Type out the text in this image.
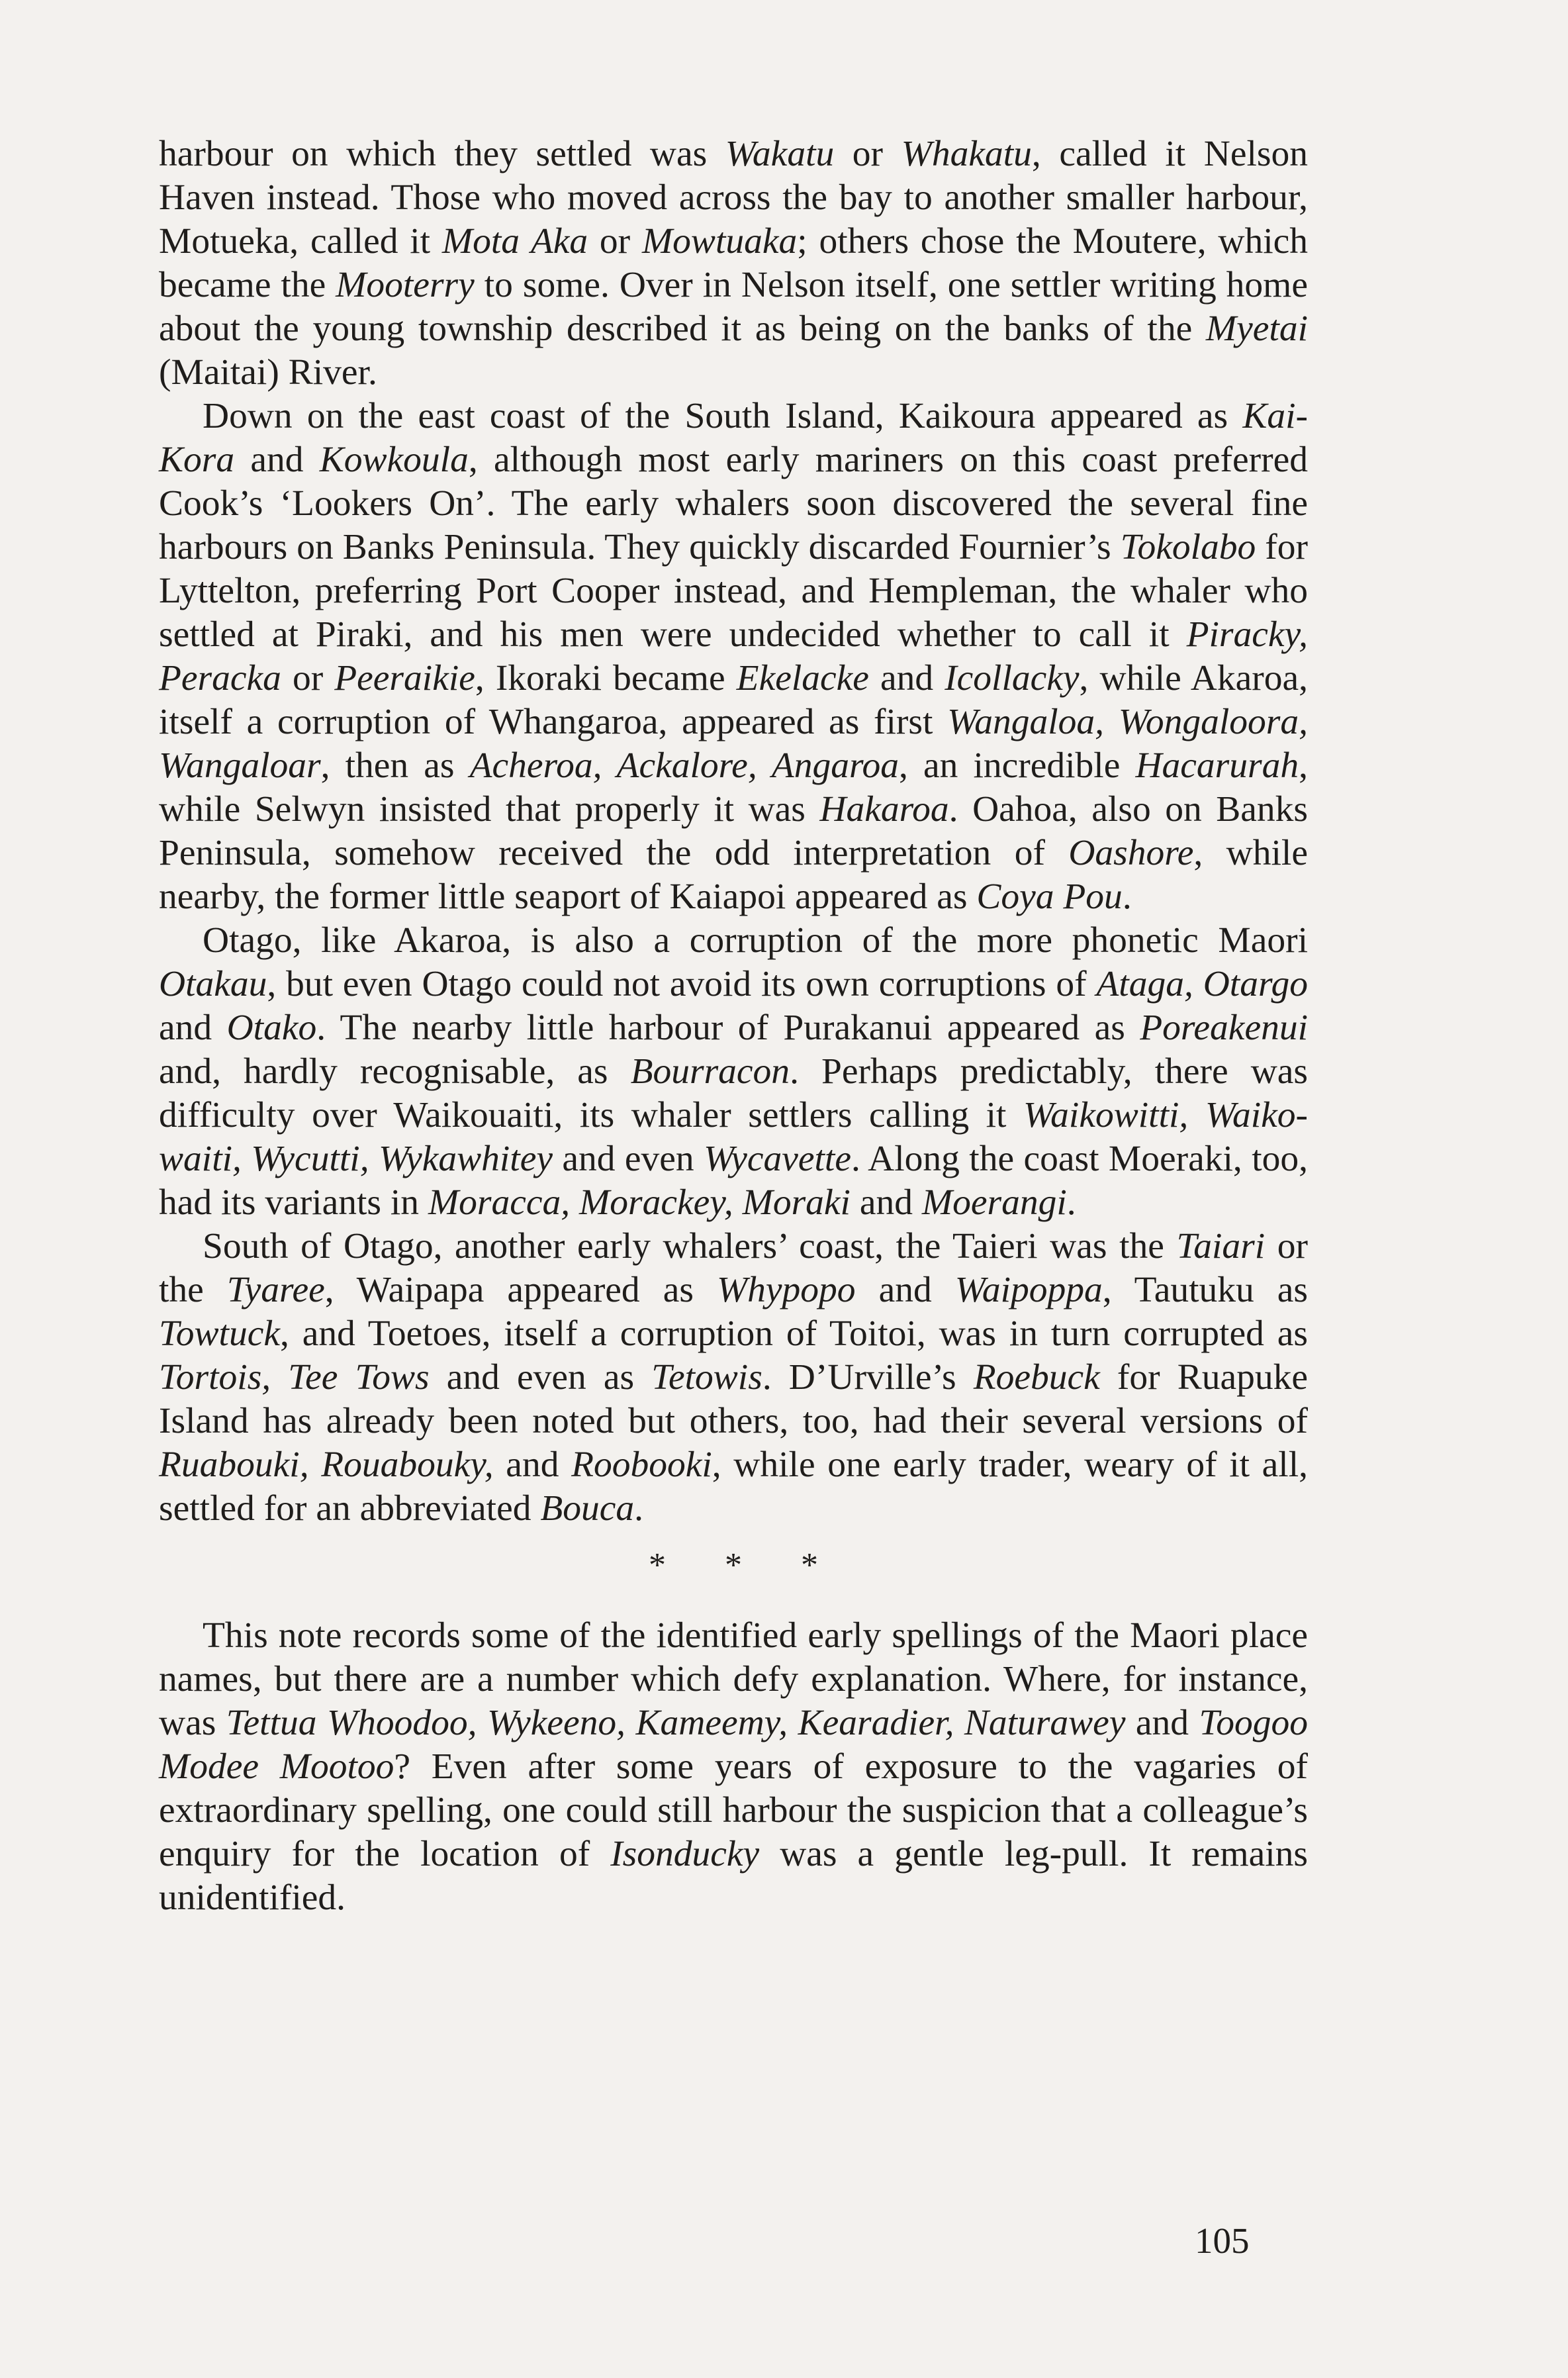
harbour on which they settled was Wakatu or Whakatu, called it Nelson Haven instead. Those who moved across the bay to another smaller harbour, Motueka, called it Mota Aka or Mowtuaka; others chose the Moutere, which became the Mooterry to some. Over in Nelson itself, one settler writing home about the young township described it as being on the banks of the Myetai (Maitai) River.

Down on the east coast of the South Island, Kaikoura appeared as Kai-Kora and Kowkoula, although most early mariners on this coast preferred Cook’s ‘Lookers On’. The early whalers soon discovered the several fine harbours on Banks Peninsula. They quickly discarded Fournier’s Tokolabo for Lyttelton, preferring Port Cooper instead, and Hempleman, the whaler who settled at Piraki, and his men were undecided whether to call it Piracky, Peracka or Peeraikie, Ikoraki became Ekelacke and Icollacky, while Akaroa, itself a corruption of Whangaroa, appeared as first Wangaloa, Wongaloora, Wangaloar, then as Acheroa, Ackalore, Angaroa, an incredible Hacarurah, while Selwyn insisted that properly it was Hakaroa. Oahoa, also on Banks Peninsula, somehow received the odd interpretation of Oashore, while nearby, the former little seaport of Kaiapoi appeared as Coya Pou.

Otago, like Akaroa, is also a corruption of the more phonetic Maori Otakau, but even Otago could not avoid its own corruptions of Ataga, Otargo and Otako. The nearby little harbour of Purakanui appeared as Poreakenui and, hardly recognisable, as Bourracon. Perhaps predictably, there was difficulty over Waikouaiti, its whaler settlers calling it Waikowitti, Waiko-waiti, Wycutti, Wykawhitey and even Wycavette. Along the coast Moeraki, too, had its variants in Moracca, Morackey, Moraki and Moerangi.

South of Otago, another early whalers’ coast, the Taieri was the Taiari or the Tyaree, Waipapa appeared as Whypopo and Waipoppa, Tautuku as Towtuck, and Toetoes, itself a corruption of Toitoi, was in turn corrupted as Tortois, Tee Tows and even as Tetowis. D’Urville’s Roebuck for Ruapuke Island has already been noted but others, too, had their several versions of Ruabouki, Rouabouky, and Roobooki, while one early trader, weary of it all, settled for an abbreviated Bouca.

* * *

This note records some of the identified early spellings of the Maori place names, but there are a number which defy explanation. Where, for instance, was Tettua Whoodoo, Wykeeno, Kameemy, Kearadier, Naturawey and Toogoo Modee Mootoo? Even after some years of exposure to the vagaries of extraordinary spelling, one could still harbour the suspicion that a colleague’s enquiry for the location of Isonducky was a gentle leg-pull. It remains unidentified.

105
